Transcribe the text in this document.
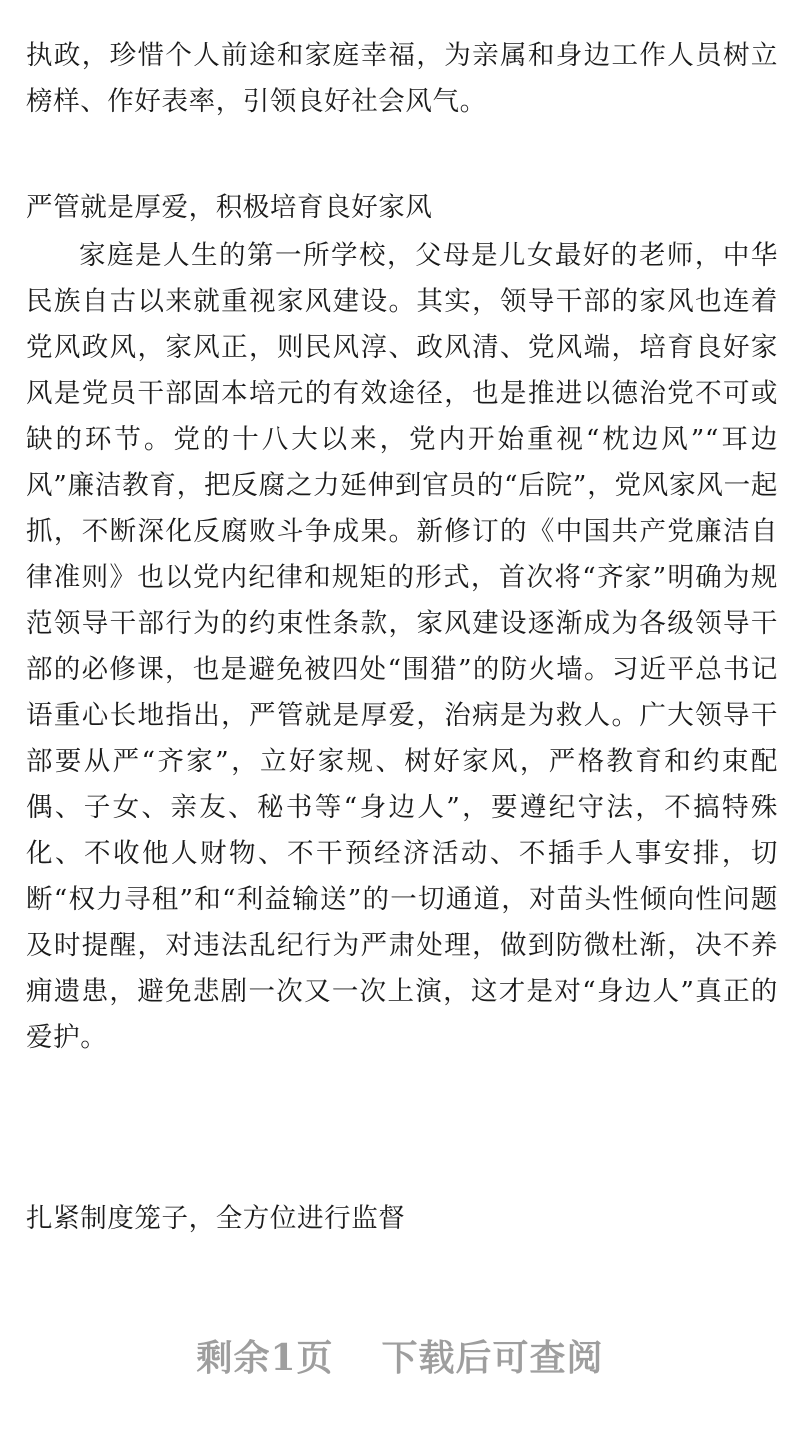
执政，珍惜个人前途和家庭幸福，为亲属和身边工作人员树立榜样、作好表率，引领良好社会风气。

严管就是厚爱，积极培育良好家风

家庭是人生的第一所学校，父母是儿女最好的老师，中华民族自古以来就重视家风建设。其实，领导干部的家风也连着党风政风，家风正，则民风淳、政风清、党风端，培育良好家风是党员干部固本培元的有效途径，也是推进以德治党不可或缺的环节。党的十八大以来，党内开始重视“枕边风”“耳边风”廉洁教育，把反腐之力延伸到官员的“后院”，党风家风一起抓，不断深化反腐败斗争成果。新修订的《中国共产党廉洁自律准则》也以党内纪律和规矩的形式，首次将“齐家”明确为规范领导干部行为的约束性条款，家风建设逐渐成为各级领导干部的必修课，也是避免被四处“围猎”的防火墙。习近平总书记语重心长地指出，严管就是厚爱，治病是为救人。广大领导干部要从严“齐家”，立好家规、树好家风，严格教育和约束配偶、子女、亲友、秘书等“身边人”，要遵纪守法，不搞特殊化、不收他人财物、不干预经济活动、不插手人事安排，切断“权力寻租”和“利益输送”的一切通道，对苗头性倾向性问题及时提醒，对违法乱纪行为严肃处理，做到防微杜渐，决不养痈遗患，避免悲剧一次又一次上演，这才是对“身边人”真正的爱护。

扎紧制度笼子，全方位进行监督
剩余1页 下载后可查阅
